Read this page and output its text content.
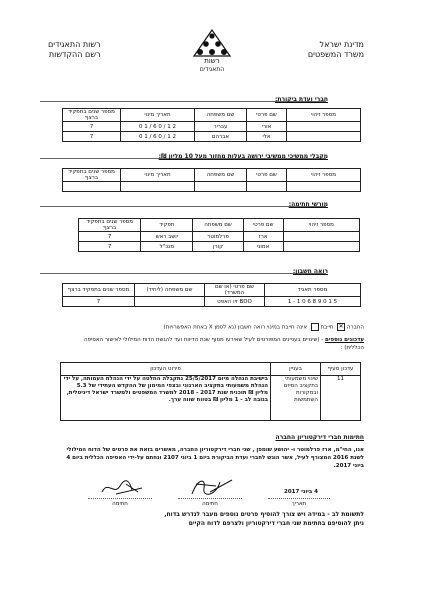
מדינת ישראל
משרד המשפטים
רשות התאגידים
רשם ההקדשות
רשות
התאגידים
חברי ועדת ביקורת:
מספר זיהוי	שם פרטי	שם משפחה	תאריך מינוי	מספר שנים בתפקיד ברצף
	אורי	עבריר	2 1 / 0 6 / 1 0	7
	אלי	אברהם	2 1 / 0 6 / 1 0	7
מקבלי ממשיכי ממשיבי ירושה בעלות מחזור מעל 10 מליון ₪:
מספר זיהוי	שם פרטי	שם משפחה	תאריך מינוי	מספר שנים בתפקיד ברצף

מורשי חתימה:
מספר זיהוי	שם פרטי	שם משפחה	תפקיד	מספר שנים בתפקיד ברצף
	ארז	פרלמוטר	יושב ראש	7
	אמוני	קורן	מנכ"ל	7
רואה חשבון:
מספר תאגיד	שם פרטי (או שם המשרד)	שם משפחה (ליחיד)	מספר שנים בתפקיד ברצף
5 1 0 9 8 6 0 1 - 1	BDO זיו האפט		7
החברה ✕ חייבת  אינה חייבת במינוי רואה חשבון (נא לסמן X באחת האפשרויות)
עדכונים נוספים - (שינויים בעניינים המפורטים לעיל שאירעו מסוף שנת הדיווח ועד להגשת הדוח המילולי לאישור האסיפה הכללית) :
עדכון סעיף	בעניין	פירוט העדכון
11	שינוי משמעותי בתקציב המיזם ובמקורות השתמשות	בישיבת הנהלה מיום 25/5/2017 נתקבלה החלטה על ידי הנהלת העמותה, על ידי הנהלת משמעותי בתקציב הארגוני ובצפי המימון של ההקדש העתידי של 5.3 מליון ₪ תוכנית שנת 2017 - 2018 למשרד המשפטים ולמשרד ישראל דיגיטלית, בגובה לב - 1 מליון ₪ בטווח שווה ערך.
חתימות חברי דירקטוריון החברה
אנו, החי"מ, ארז פרלמוטר ו- יהושע שומפן , שני חברי דירקטוריון החברה, מאשרים בזאת את פרטים של הדוח המילולי לשנת 2016 המצורף לעיל, אשר הוגש לחברי ועדת הביקורת ביום 1 ביוני 2107 ונחתם על-ידי האסיפה הכללית ביום 4 ביוני 2017.
4 ביוני 2017
חתימה	חתימה	תאריך
לתשומת לב - במידה ויש צורך להוסיף פרטים נוספים מעבר לנדרש בדוח,
ניתן להוסיפם בחתימת שני חברי דירקטוריון ולצרפם לדוח הקיים
